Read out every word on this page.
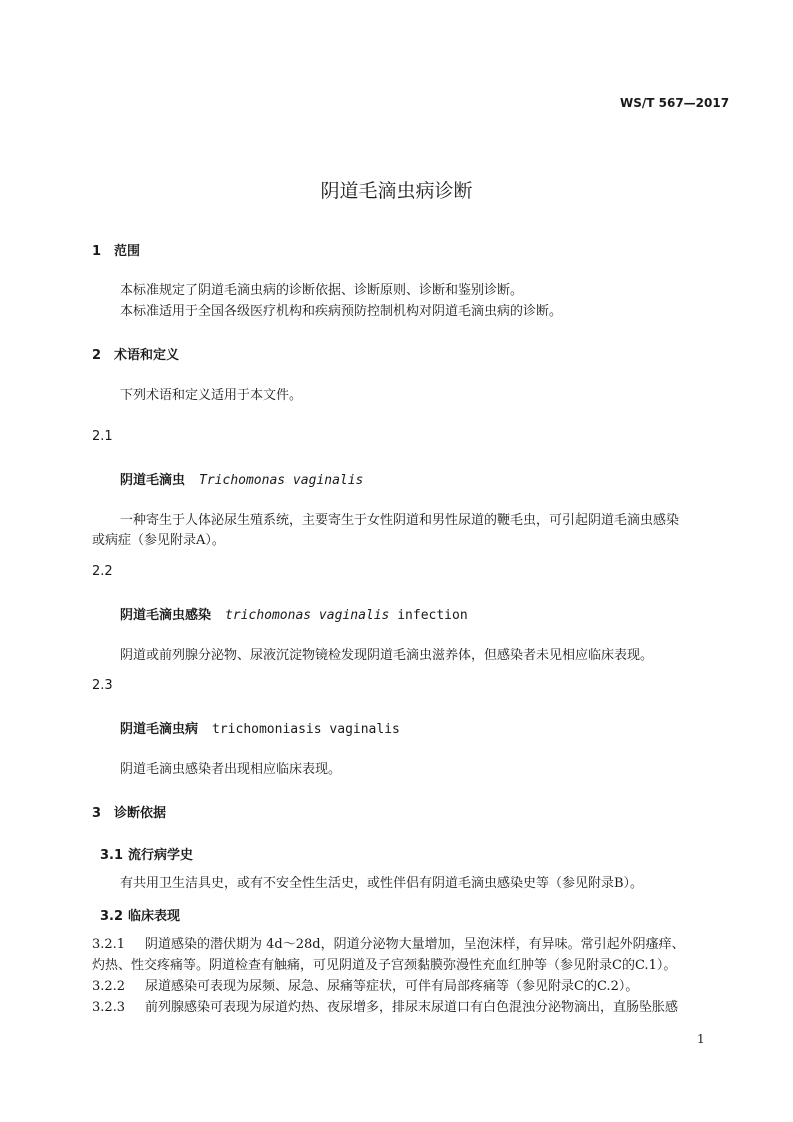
WS/T 567—2017
阴道毛滴虫病诊断
1 范围
本标准规定了阴道毛滴虫病的诊断依据、诊断原则、诊断和鉴别诊断。
本标准适用于全国各级医疗机构和疾病预防控制机构对阴道毛滴虫病的诊断。
2 术语和定义
下列术语和定义适用于本文件。
2.1
阴道毛滴虫 Trichomonas vaginalis
一种寄生于人体泌尿生殖系统，主要寄生于女性阴道和男性尿道的鞭毛虫，可引起阴道毛滴虫感染
或病症（参见附录A）。
2.2
阴道毛滴虫感染 trichomonas vaginalis infection
阴道或前列腺分泌物、尿液沉淀物镜检发现阴道毛滴虫滋养体，但感染者未见相应临床表现。
2.3
阴道毛滴虫病 trichomoniasis vaginalis
阴道毛滴虫感染者出现相应临床表现。
3 诊断依据
3.1 流行病学史
有共用卫生洁具史，或有不安全性生活史，或性伴侣有阴道毛滴虫感染史等（参见附录B）。
3.2 临床表现
3.2.1 阴道感染的潜伏期为 4d～28d，阴道分泌物大量增加，呈泡沫样，有异味。常引起外阴瘙痒、
灼热、性交疼痛等。阴道检查有触痛，可见阴道及子宫颈黏膜弥漫性充血红肿等（参见附录C的C.1）。
3.2.2 尿道感染可表现为尿频、尿急、尿痛等症状，可伴有局部疼痛等（参见附录C的C.2）。
3.2.3 前列腺感染可表现为尿道灼热、夜尿增多，排尿末尿道口有白色混浊分泌物滴出，直肠坠胀感
1
